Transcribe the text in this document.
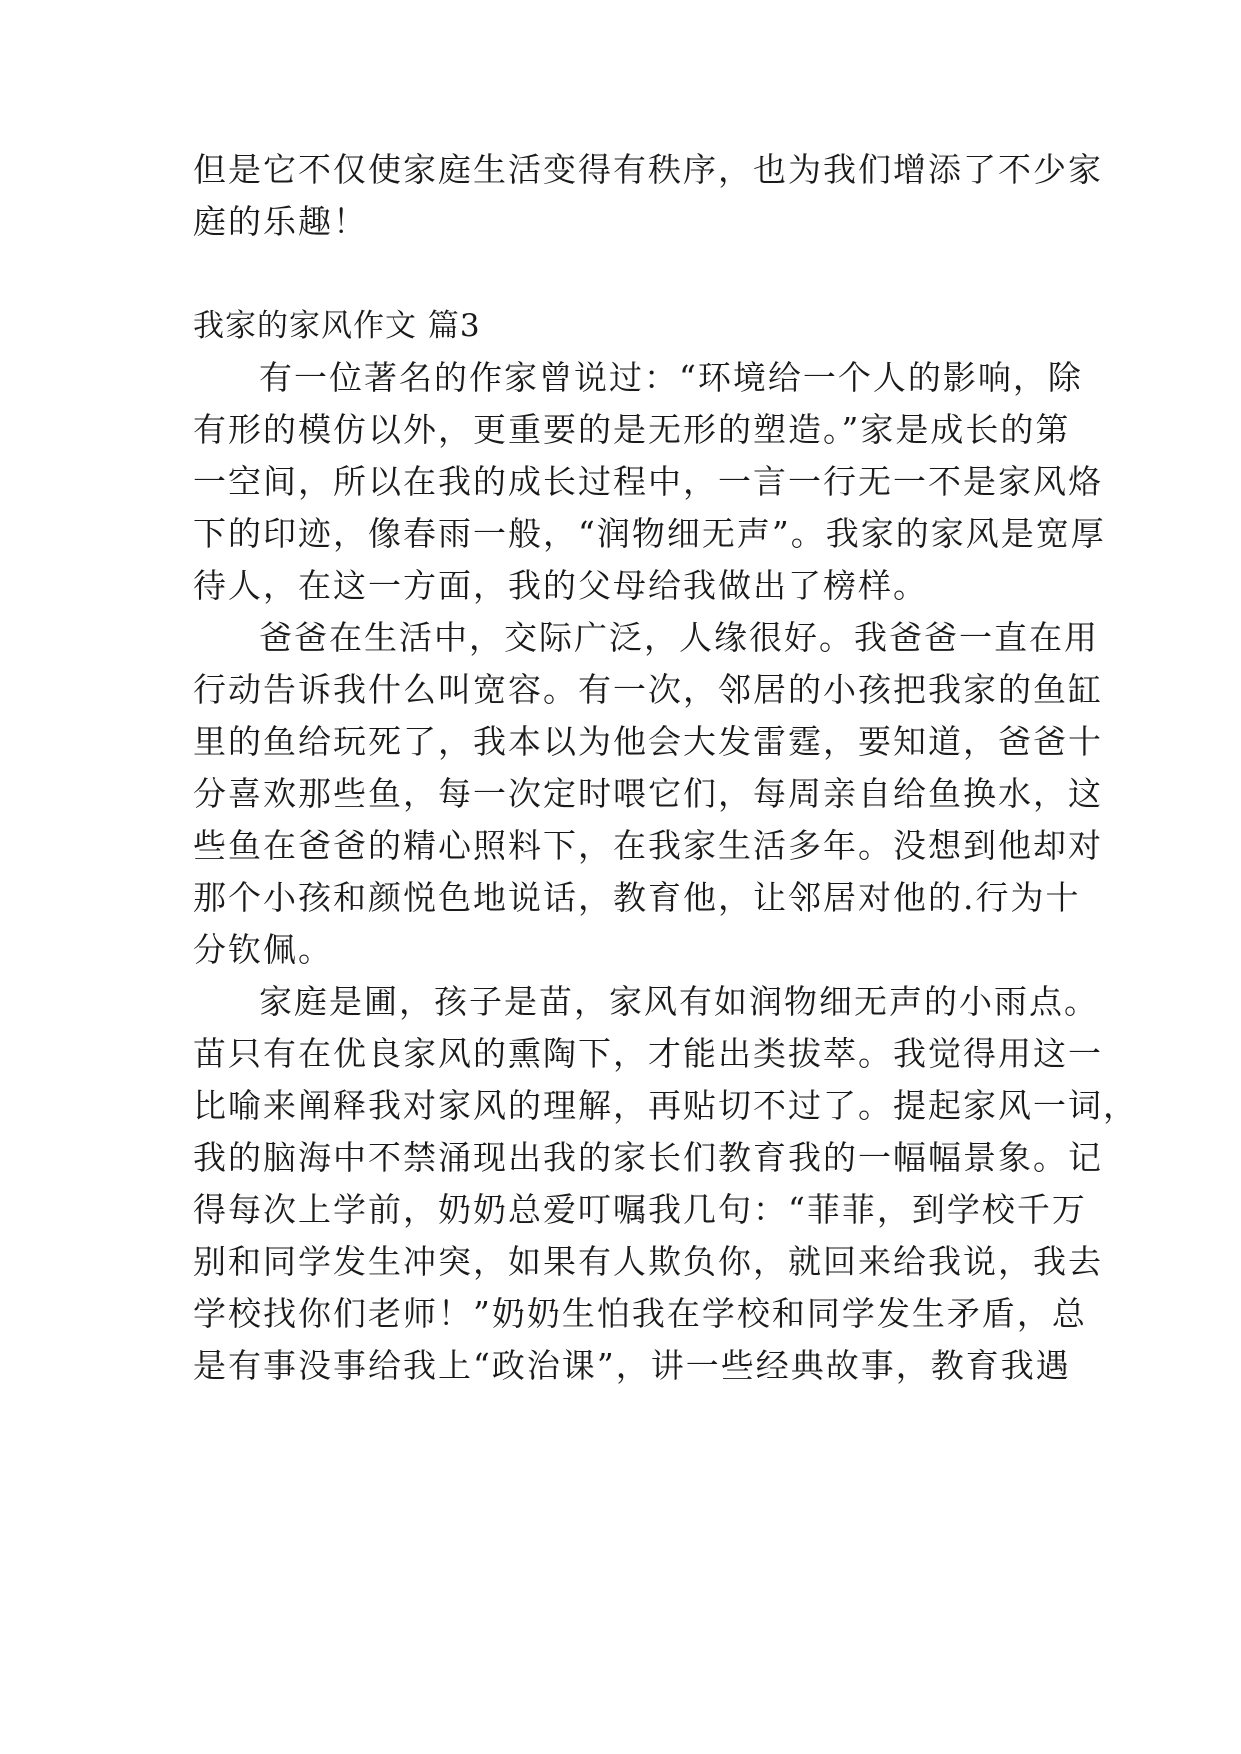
但是它不仅使家庭生活变得有秩序，也为我们增添了不少家
庭的乐趣！
我家的家风作文 篇3
有一位著名的作家曾说过：“环境给一个人的影响，除
有形的模仿以外，更重要的是无形的塑造。”家是成长的第
一空间，所以在我的成长过程中，一言一行无一不是家风烙
下的印迹，像春雨一般，“润物细无声”。我家的家风是宽厚
待人，在这一方面，我的父母给我做出了榜样。
爸爸在生活中，交际广泛，人缘很好。我爸爸一直在用
行动告诉我什么叫宽容。有一次，邻居的小孩把我家的鱼缸
里的鱼给玩死了，我本以为他会大发雷霆，要知道，爸爸十
分喜欢那些鱼，每一次定时喂它们，每周亲自给鱼换水，这
些鱼在爸爸的精心照料下，在我家生活多年。没想到他却对
那个小孩和颜悦色地说话，教育他，让邻居对他的.行为十
分钦佩。
家庭是圃，孩子是苗，家风有如润物细无声的小雨点。
苗只有在优良家风的熏陶下，才能出类拔萃。我觉得用这一
比喻来阐释我对家风的理解，再贴切不过了。提起家风一词，
我的脑海中不禁涌现出我的家长们教育我的一幅幅景象。记
得每次上学前，奶奶总爱叮嘱我几句：“菲菲，到学校千万
别和同学发生冲突，如果有人欺负你，就回来给我说，我去
学校找你们老师！”奶奶生怕我在学校和同学发生矛盾，总
是有事没事给我上“政治课”，讲一些经典故事，教育我遇
